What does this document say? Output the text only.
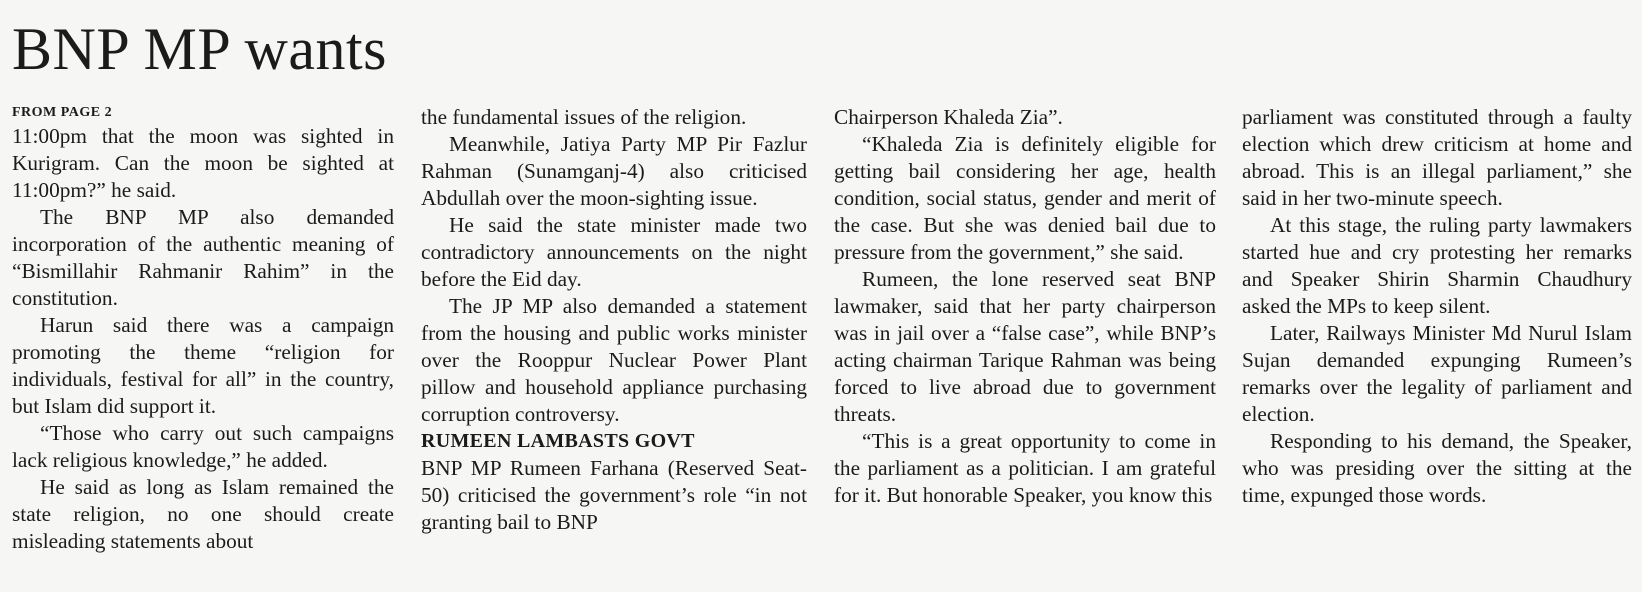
BNP MP wants

FROM PAGE 2

11:00pm that the moon was sighted in Kurigram. Can the moon be sighted at 11:00pm?” he said.

The BNP MP also demanded incorporation of the authentic meaning of “Bismillahir Rahmanir Rahim” in the constitution.

Harun said there was a campaign promoting the theme “religion for individuals, festival for all” in the country, but Islam did support it.

“Those who carry out such campaigns lack religious knowledge,” he added.

He said as long as Islam remained the state religion, no one should create misleading statements about

the fundamental issues of the religion.

Meanwhile, Jatiya Party MP Pir Fazlur Rahman (Sunamganj-4) also criticised Abdullah over the moon-sighting issue.

He said the state minister made two contradictory announcements on the night before the Eid day.

The JP MP also demanded a statement from the housing and public works minister over the Rooppur Nuclear Power Plant pillow and household appliance purchasing corruption controversy.

RUMEEN LAMBASTS GOVT

BNP MP Rumeen Farhana (Reserved Seat-50) criticised the government’s role “in not granting bail to BNP

Chairperson Khaleda Zia”.

“Khaleda Zia is definitely eligible for getting bail considering her age, health condition, social status, gender and merit of the case. But she was denied bail due to pressure from the government,” she said.

Rumeen, the lone reserved seat BNP lawmaker, said that her party chairperson was in jail over a “false case”, while BNP’s acting chairman Tarique Rahman was being forced to live abroad due to government threats.

“This is a great opportunity to come in the parliament as a politician. I am grateful for it. But honorable Speaker, you know this

parliament was constituted through a faulty election which drew criticism at home and abroad. This is an illegal parliament,” she said in her two-minute speech.

At this stage, the ruling party lawmakers started hue and cry protesting her remarks and Speaker Shirin Sharmin Chaudhury asked the MPs to keep silent.

Later, Railways Minister Md Nurul Islam Sujan demanded expunging Rumeen’s remarks over the legality of parliament and election.

Responding to his demand, the Speaker, who was presiding over the sitting at the time, expunged those words.
